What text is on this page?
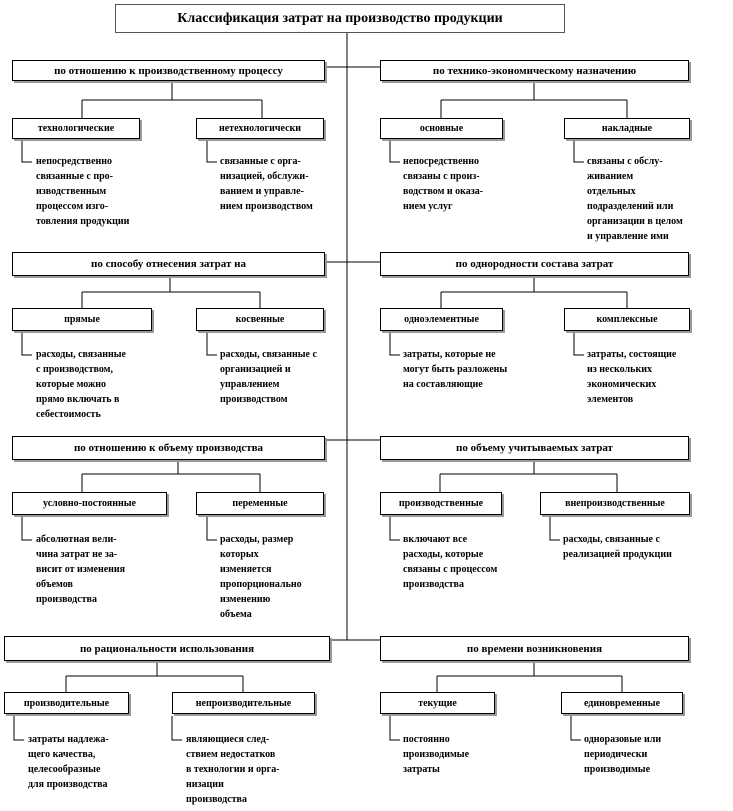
Классификация затрат на производство продукции
по отношению к производственному процессу
технологические	нетехнологически
непосредственно
связанные с про-
изводственным
процессом изго-
товления продукции
связанные с орга-
низацией, обслужи-
ванием и управле-
нием производством
по технико-экономическому назначению
основные	накладные
непосредственно
связаны с произ-
водством и оказа-
нием услуг
связаны с обслу-
живанием
отдельных
подразделений или
организации в целом
и управление ими
по способу отнесения затрат на
прямые	косвенные
расходы, связанные
с производством,
которые можно
прямо включать в
себестоимость
расходы, связанные с
организацией и
управлением
производством
по однородности состава затрат
одноэлементные	комплексные
затраты, которые не
могут быть разложены
на составляющие
затраты, состоящие
из нескольких
экономических
элементов
по отношению к объему производства
условно-постоянные	переменные
абсолютная вели-
чина затрат не за-
висит от изменения
объемов
производства
расходы, размер
которых
изменяется
пропорционально
изменению
объема
по объему учитываемых затрат
производственные	внепроизводственные
включают все
расходы, которые
связаны с процессом
производства
расходы, связанные с
реализацией продукции
по рациональности использования
производительные	непроизводительные
затраты надлежа-
щего качества,
целесообразные
для производства
являющиеся след-
ствием недостатков
в технологии и орга-
низации
производства
по времени возникновения
текущие	единовременные
постоянно
производимые
затраты
одноразовые или
периодически
производимые
